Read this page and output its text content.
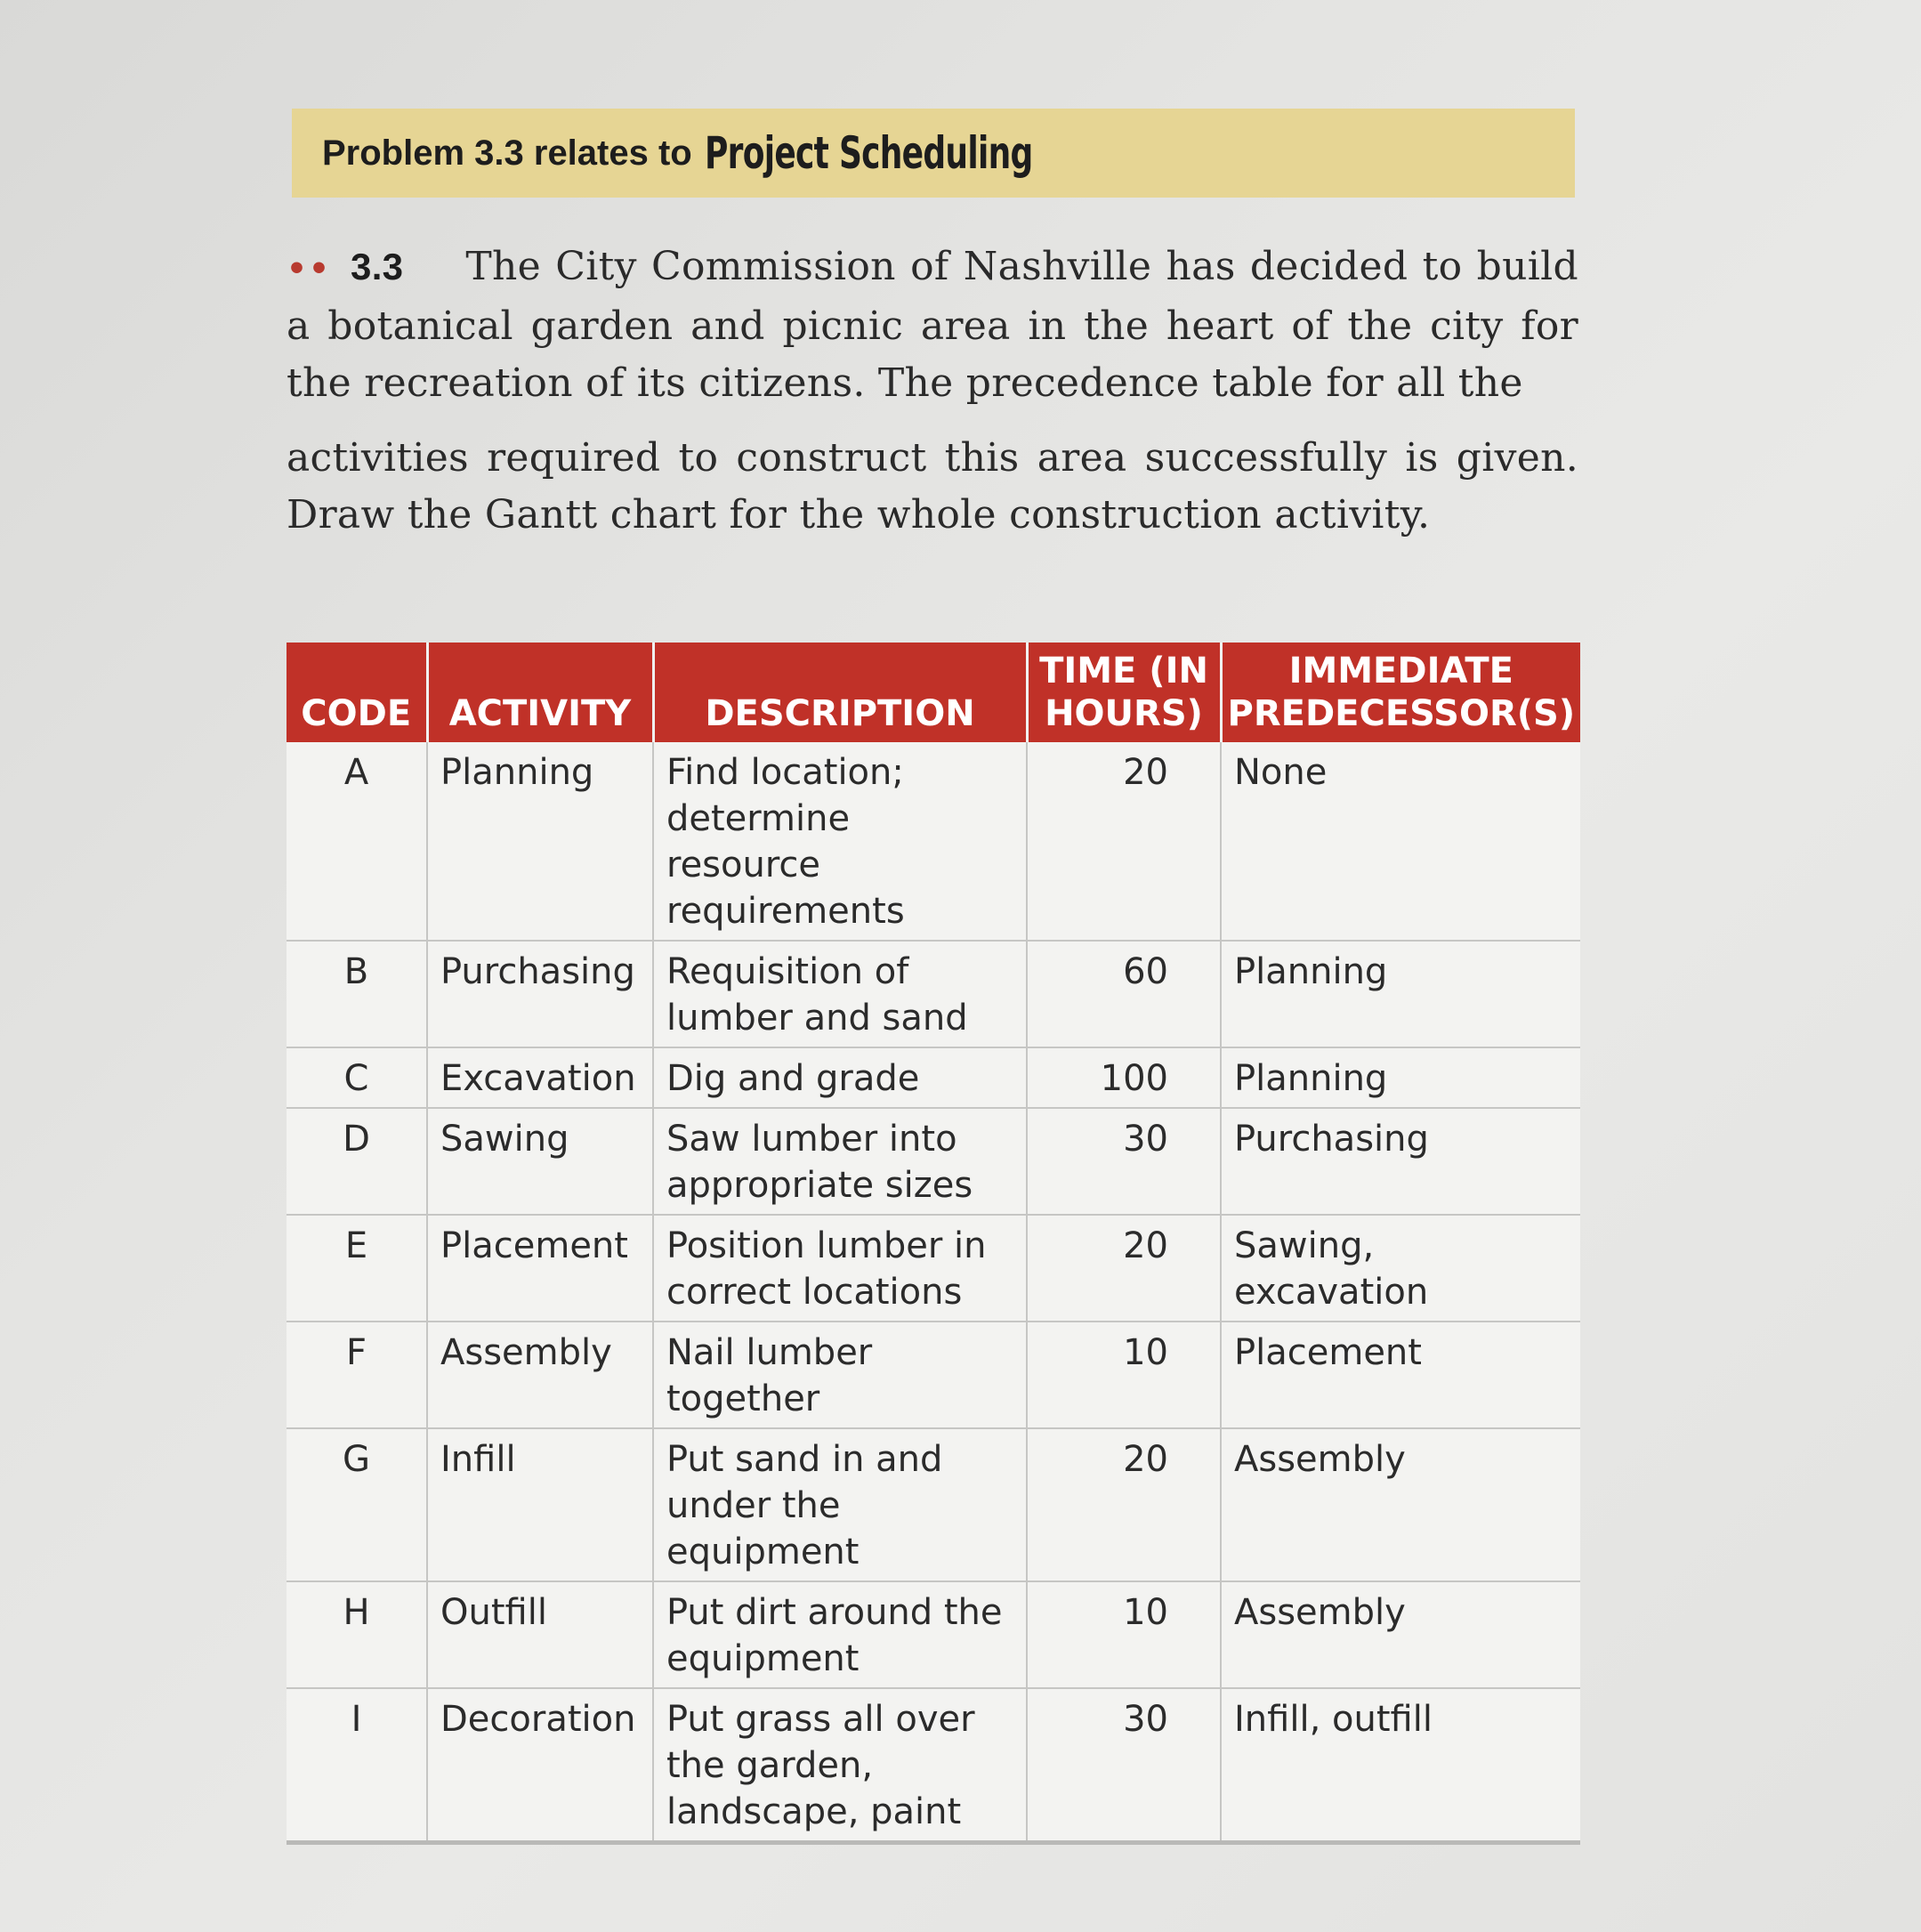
Problem 3.3 relates to Project Scheduling
•• 3.3 The City Commission of Nashville has decided to build a botanical garden and picnic area in the heart of the city for the recreation of its citizens. The precedence table for all the
activities required to construct this area successfully is given. Draw the Gantt chart for the whole construction activity.
CODE	ACTIVITY	DESCRIPTION	TIME (IN HOURS)	IMMEDIATE PREDECESSOR(S)
A	Planning	Find location; determine resource requirements	20	None
B	Purchasing	Requisition of lumber and sand	60	Planning
C	Excavation	Dig and grade	100	Planning
D	Sawing	Saw lumber into appropriate sizes	30	Purchasing
E	Placement	Position lumber in correct locations	20	Sawing, excavation
F	Assembly	Nail lumber together	10	Placement
G	Infill	Put sand in and under the equipment	20	Assembly
H	Outfill	Put dirt around the equipment	10	Assembly
I	Decoration	Put grass all over the garden, landscape, paint	30	Infill, outfill
